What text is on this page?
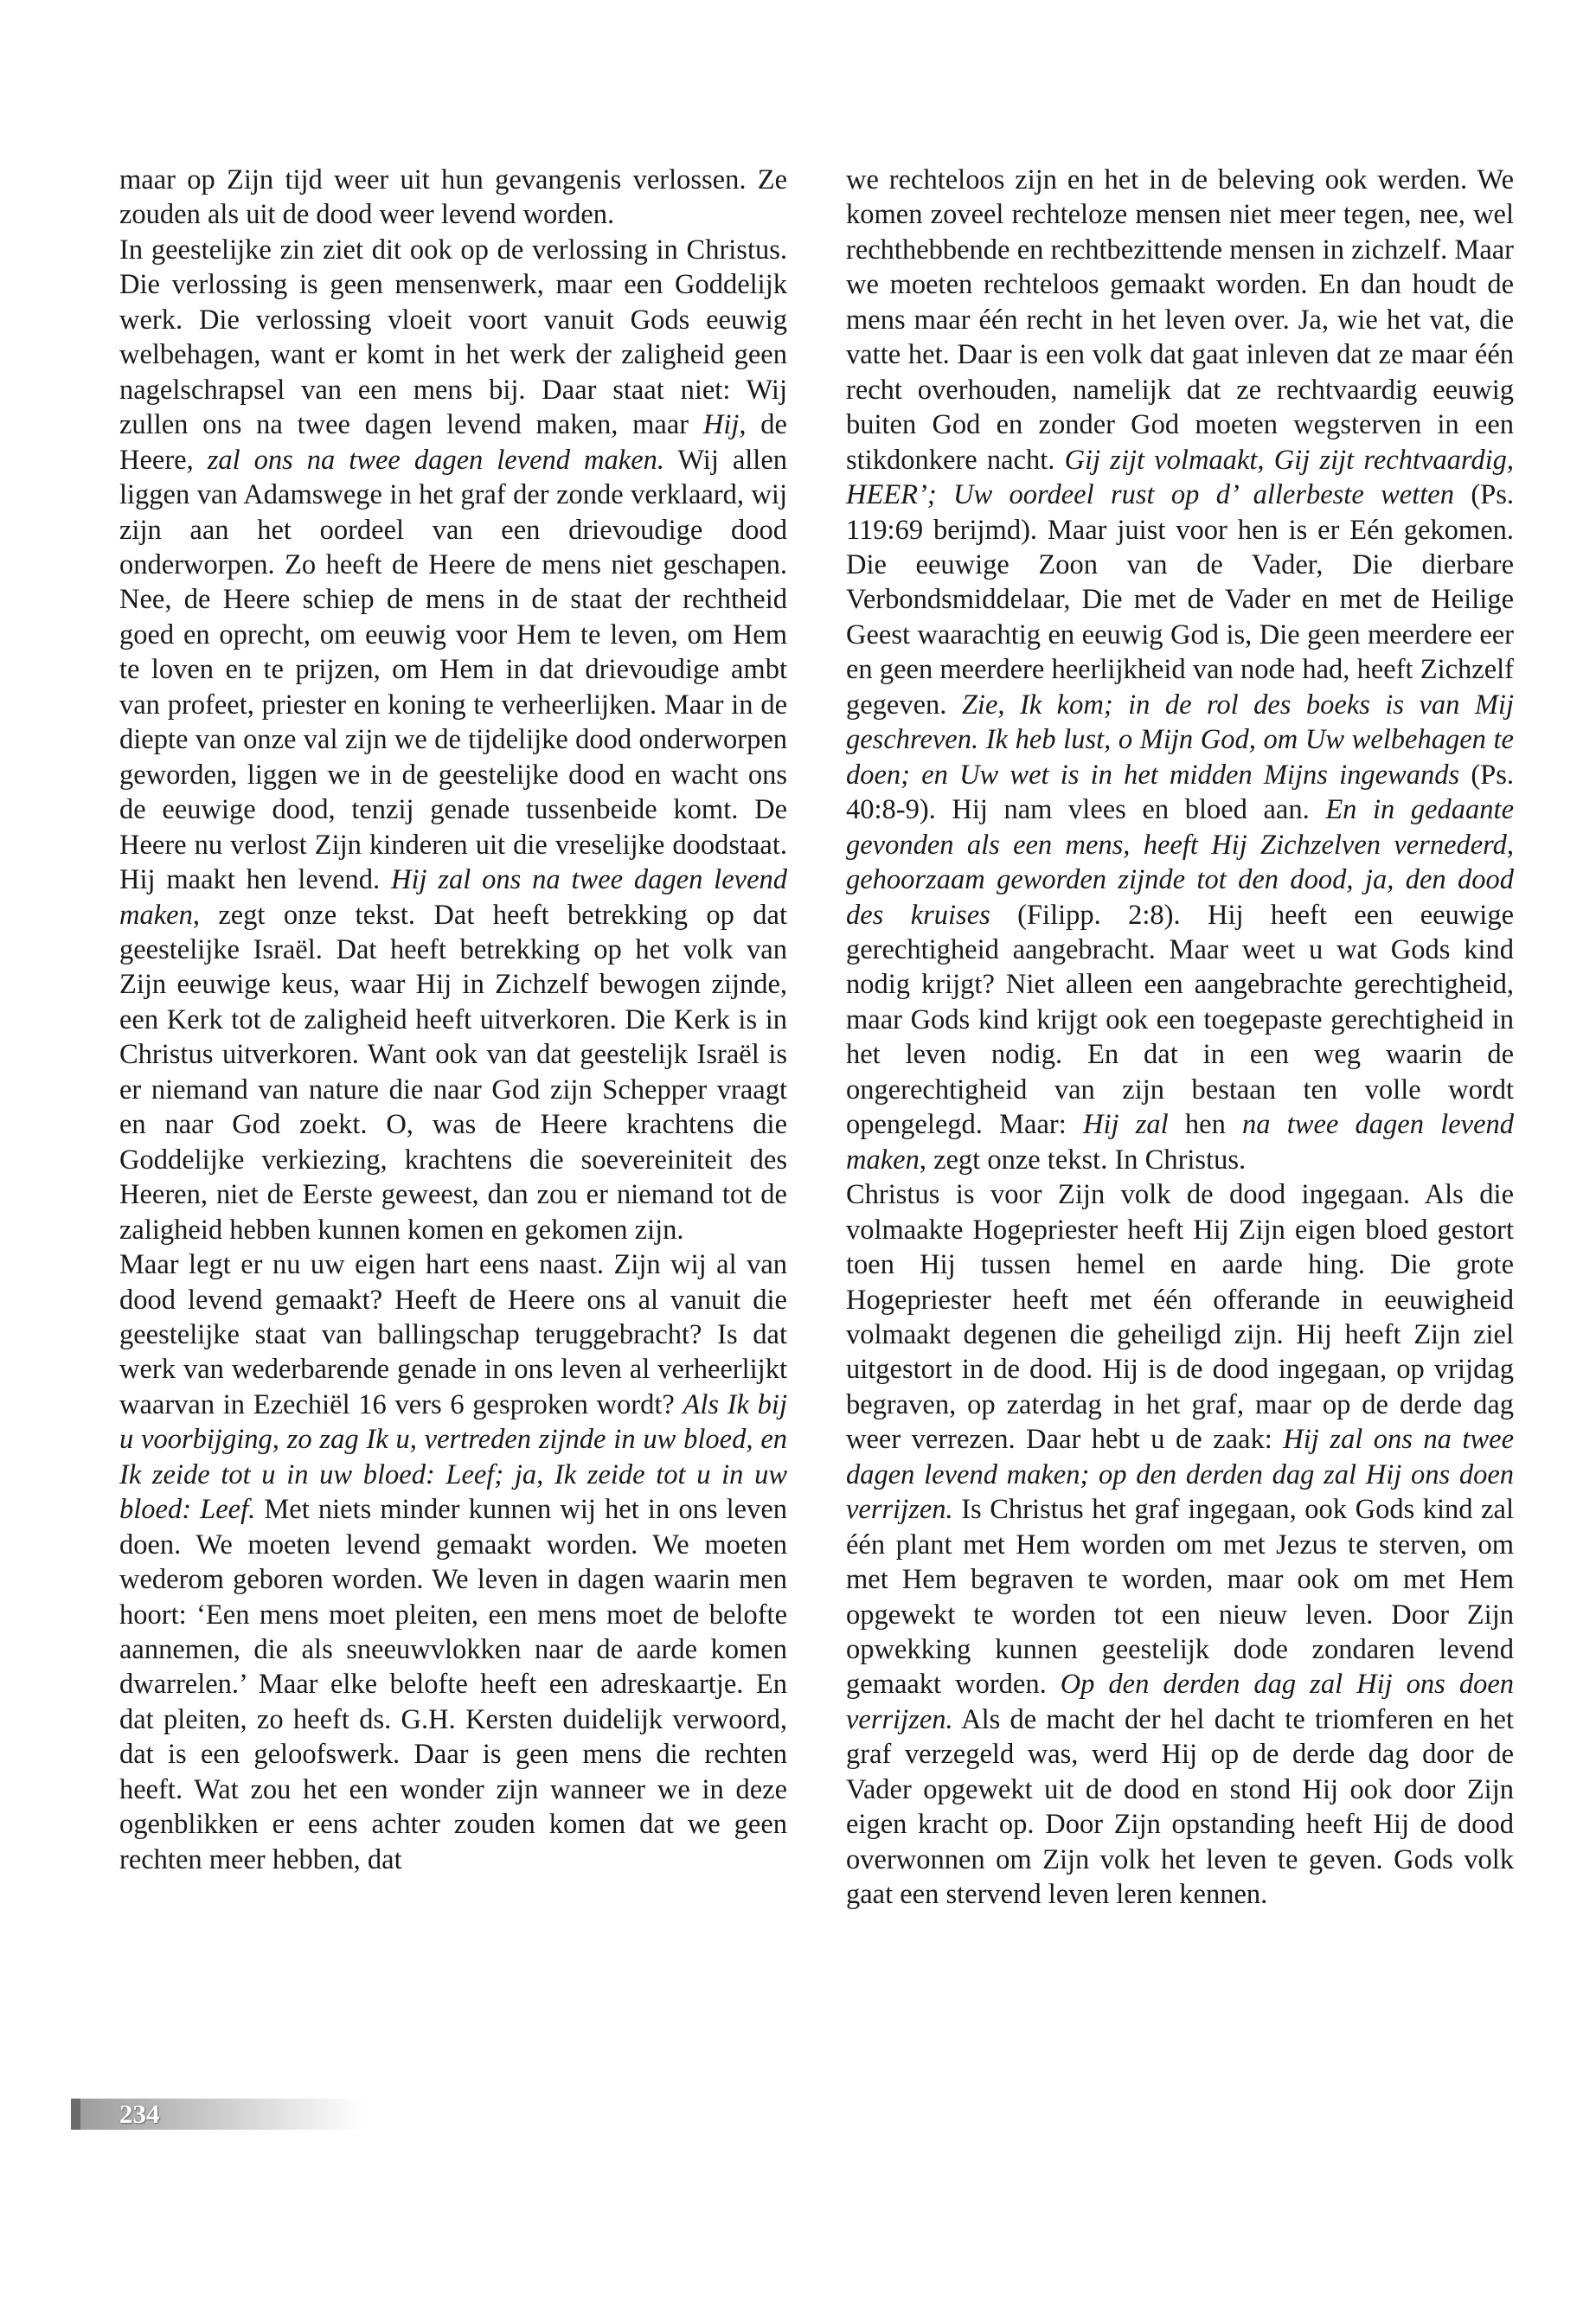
maar op Zijn tijd weer uit hun gevangenis verlossen. Ze zouden als uit de dood weer levend worden.

In geestelijke zin ziet dit ook op de verlossing in Christus. Die verlossing is geen mensenwerk, maar een Goddelijk werk. Die verlossing vloeit voort vanuit Gods eeuwig welbehagen, want er komt in het werk der zaligheid geen nagelschrapsel van een mens bij. Daar staat niet: Wij zullen ons na twee dagen levend maken, maar Hij, de Heere, zal ons na twee dagen levend maken. Wij allen liggen van Adamswege in het graf der zonde verklaard, wij zijn aan het oordeel van een drievoudige dood onderworpen. Zo heeft de Heere de mens niet geschapen. Nee, de Heere schiep de mens in de staat der rechtheid goed en oprecht, om eeuwig voor Hem te leven, om Hem te loven en te prijzen, om Hem in dat drievoudige ambt van profeet, priester en koning te verheerlijken. Maar in de diepte van onze val zijn we de tijdelijke dood onderworpen geworden, liggen we in de geestelijke dood en wacht ons de eeuwige dood, tenzij genade tussenbeide komt. De Heere nu verlost Zijn kinderen uit die vreselijke doodstaat. Hij maakt hen levend. Hij zal ons na twee dagen levend maken, zegt onze tekst. Dat heeft betrekking op dat geestelijke Israël. Dat heeft betrekking op het volk van Zijn eeuwige keus, waar Hij in Zichzelf bewogen zijnde, een Kerk tot de zaligheid heeft uitverkoren. Die Kerk is in Christus uitverkoren. Want ook van dat geestelijk Israël is er niemand van nature die naar God zijn Schepper vraagt en naar God zoekt. O, was de Heere krachtens die Goddelijke verkiezing, krachtens die soevereiniteit des Heeren, niet de Eerste geweest, dan zou er niemand tot de zaligheid hebben kunnen komen en gekomen zijn.

Maar legt er nu uw eigen hart eens naast. Zijn wij al van dood levend gemaakt? Heeft de Heere ons al vanuit die geestelijke staat van ballingschap teruggebracht? Is dat werk van wederbarende genade in ons leven al verheerlijkt waarvan in Ezechiël 16 vers 6 gesproken wordt? Als Ik bij u voorbijging, zo zag Ik u, vertreden zijnde in uw bloed, en Ik zeide tot u in uw bloed: Leef; ja, Ik zeide tot u in uw bloed: Leef. Met niets minder kunnen wij het in ons leven doen. We moeten levend gemaakt worden. We moeten wederom geboren worden. We leven in dagen waarin men hoort: ‘Een mens moet pleiten, een mens moet de belofte aannemen, die als sneeuwvlokken naar de aarde komen dwarrelen.’ Maar elke belofte heeft een adreskaartje. En dat pleiten, zo heeft ds. G.H. Kersten duidelijk verwoord, dat is een geloofswerk. Daar is geen mens die rechten heeft. Wat zou het een wonder zijn wanneer we in deze ogenblikken er eens achter zouden komen dat we geen rechten meer hebben, dat

we rechteloos zijn en het in de beleving ook werden. We komen zoveel rechteloze mensen niet meer tegen, nee, wel rechthebbende en rechtbezittende mensen in zichzelf. Maar we moeten rechteloos gemaakt worden. En dan houdt de mens maar één recht in het leven over. Ja, wie het vat, die vatte het. Daar is een volk dat gaat inleven dat ze maar één recht overhouden, namelijk dat ze rechtvaardig eeuwig buiten God en zonder God moeten wegsterven in een stikdonkere nacht. Gij zijt volmaakt, Gij zijt rechtvaardig, HEER’; Uw oordeel rust op d’ allerbeste wetten (Ps. 119:69 berijmd). Maar juist voor hen is er Eén gekomen. Die eeuwige Zoon van de Vader, Die dierbare Verbondsmiddelaar, Die met de Vader en met de Heilige Geest waarachtig en eeuwig God is, Die geen meerdere eer en geen meerdere heerlijkheid van node had, heeft Zichzelf gegeven. Zie, Ik kom; in de rol des boeks is van Mij geschreven. Ik heb lust, o Mijn God, om Uw welbehagen te doen; en Uw wet is in het midden Mijns ingewands (Ps. 40:8-9). Hij nam vlees en bloed aan. En in gedaante gevonden als een mens, heeft Hij Zichzelven vernederd, gehoorzaam geworden zijnde tot den dood, ja, den dood des kruises (Filipp. 2:8). Hij heeft een eeuwige gerechtigheid aangebracht. Maar weet u wat Gods kind nodig krijgt? Niet alleen een aangebrachte gerechtigheid, maar Gods kind krijgt ook een toegepaste gerechtigheid in het leven nodig. En dat in een weg waarin de ongerechtigheid van zijn bestaan ten volle wordt opengelegd. Maar: Hij zal hen na twee dagen levend maken, zegt onze tekst. In Christus.

Christus is voor Zijn volk de dood ingegaan. Als die volmaakte Hogepriester heeft Hij Zijn eigen bloed gestort toen Hij tussen hemel en aarde hing. Die grote Hogepriester heeft met één offerande in eeuwigheid volmaakt degenen die geheiligd zijn. Hij heeft Zijn ziel uitgestort in de dood. Hij is de dood ingegaan, op vrijdag begraven, op zaterdag in het graf, maar op de derde dag weer verrezen. Daar hebt u de zaak: Hij zal ons na twee dagen levend maken; op den derden dag zal Hij ons doen verrijzen. Is Christus het graf ingegaan, ook Gods kind zal één plant met Hem worden om met Jezus te sterven, om met Hem begraven te worden, maar ook om met Hem opgewekt te worden tot een nieuw leven. Door Zijn opwekking kunnen geestelijk dode zondaren levend gemaakt worden. Op den derden dag zal Hij ons doen verrijzen. Als de macht der hel dacht te triomferen en het graf verzegeld was, werd Hij op de derde dag door de Vader opgewekt uit de dood en stond Hij ook door Zijn eigen kracht op. Door Zijn opstanding heeft Hij de dood overwonnen om Zijn volk het leven te geven. Gods volk gaat een stervend leven leren kennen.

234
